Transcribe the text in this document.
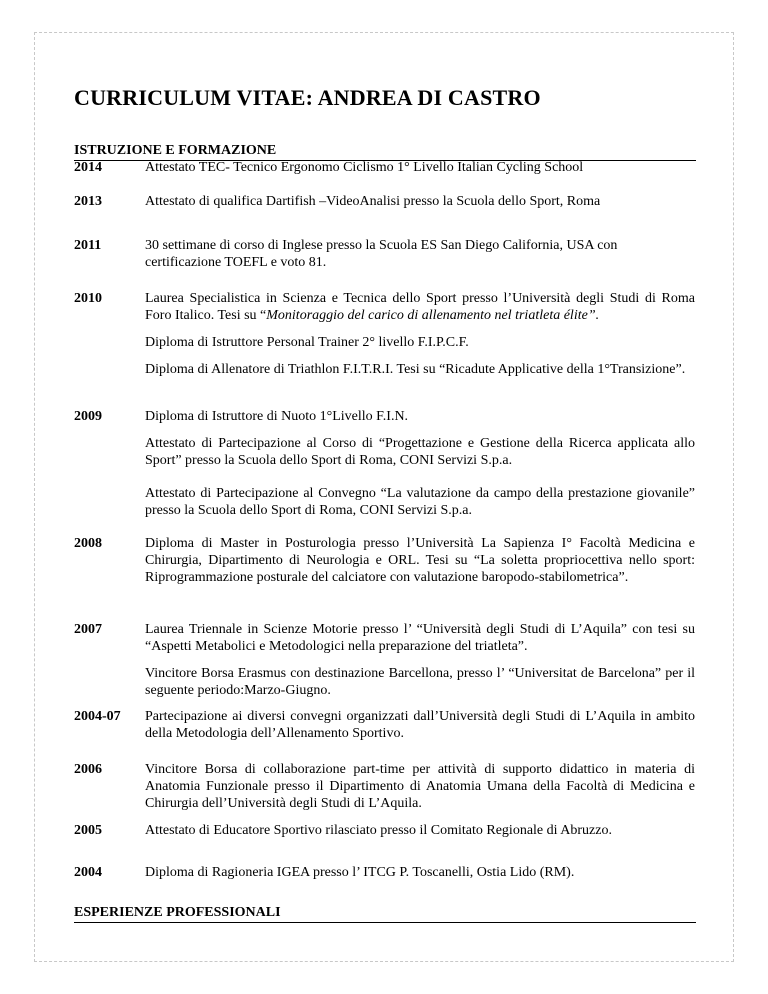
CURRICULUM VITAE: ANDREA DI CASTRO
ISTRUZIONE E FORMAZIONE
2014	Attestato TEC- Tecnico Ergonomo Ciclismo 1° Livello Italian Cycling School

2013	Attestato di qualifica Dartifish –VideoAnalisi presso la Scuola dello Sport, Roma

2011	30 settimane di corso di Inglese presso la Scuola ES San Diego California, USA con certificazione TOEFL e voto 81.

2010	Laurea Specialistica in Scienza e Tecnica dello Sport presso l’Università degli Studi di Roma Foro Italico. Tesi su “Monitoraggio del carico di allenamento nel triatleta élite”.

Diploma di Istruttore Personal Trainer 2° livello F.I.P.C.F.

Diploma di Allenatore di Triathlon F.I.T.R.I. Tesi su “Ricadute Applicative della 1°Transizione”.

2009	Diploma di Istruttore di Nuoto 1°Livello F.I.N.

Attestato di Partecipazione al Corso di “Progettazione e Gestione della Ricerca applicata allo Sport” presso la Scuola dello Sport di Roma, CONI Servizi S.p.a.

Attestato di Partecipazione al Convegno “La valutazione da campo della prestazione giovanile” presso la Scuola dello Sport di Roma, CONI Servizi S.p.a.

2008	Diploma di Master in Posturologia presso l’Università La Sapienza I° Facoltà Medicina e Chirurgia, Dipartimento di Neurologia e ORL. Tesi su “La soletta propriocettiva nello sport: Riprogrammazione posturale del calciatore con valutazione baropodo-stabilometrica”.

2007	Laurea Triennale in Scienze Motorie presso l’ “Università degli Studi di L’Aquila” con tesi su “Aspetti Metabolici e Metodologici nella preparazione del triatleta”.

Vincitore Borsa Erasmus con destinazione Barcellona, presso l’ “Universitat de Barcelona” per il seguente periodo:Marzo-Giugno.

2004-07 Partecipazione ai diversi convegni organizzati dall’Università degli Studi di L’Aquila in ambito della Metodologia dell’Allenamento Sportivo.

2006	Vincitore Borsa di collaborazione part-time per attività di supporto didattico in materia di Anatomia Funzionale presso il Dipartimento di Anatomia Umana della Facoltà di Medicina e Chirurgia dell’Università degli Studi di L’Aquila.

2005	Attestato di Educatore Sportivo rilasciato presso il Comitato Regionale di Abruzzo.

2004	Diploma di Ragioneria IGEA presso l’ ITCG P. Toscanelli, Ostia Lido (RM).

ESPERIENZE PROFESSIONALI
